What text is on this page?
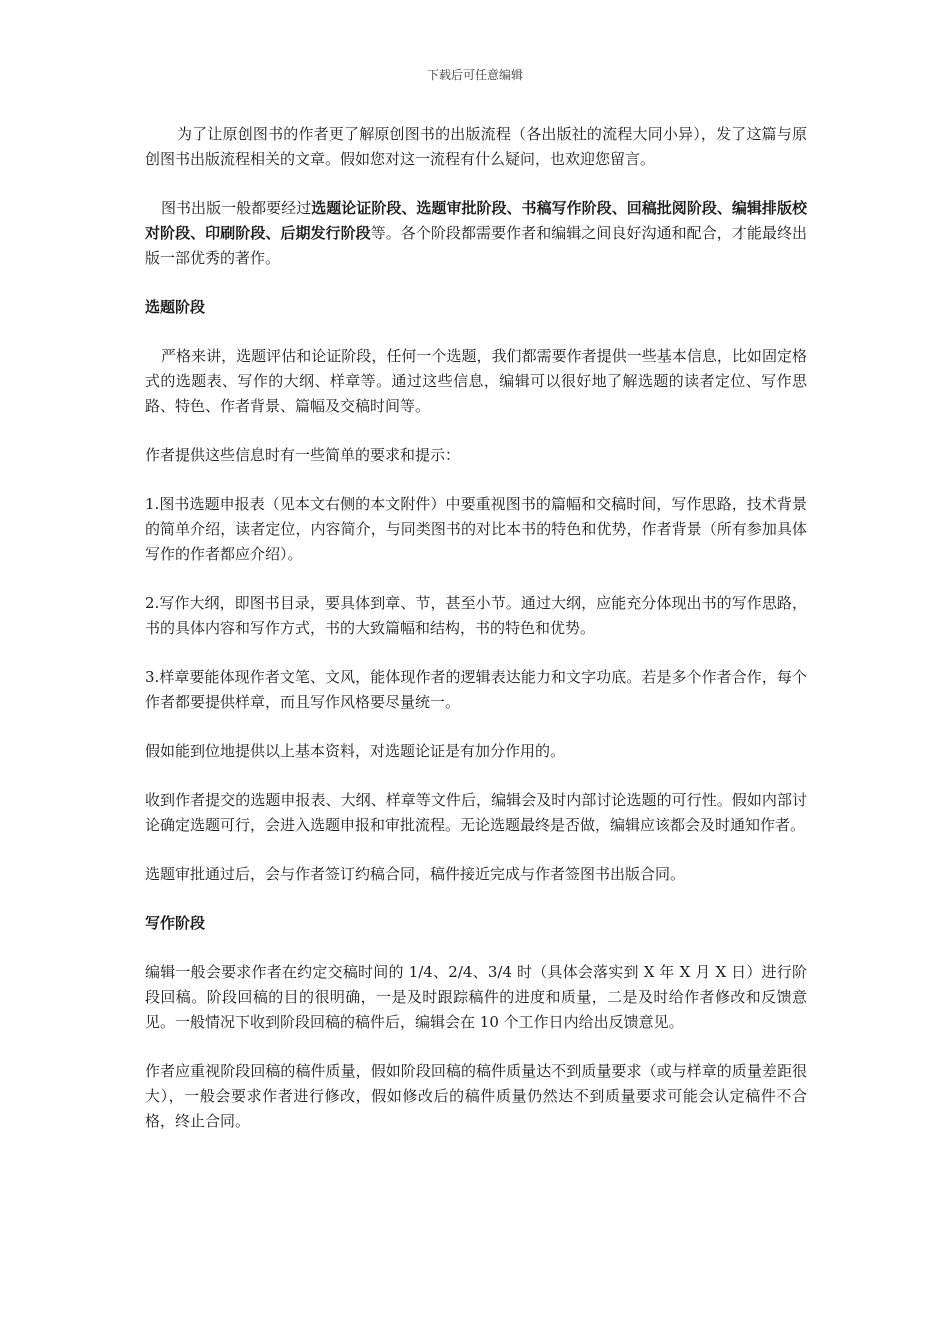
下载后可任意编辑

为了让原创图书的作者更了解原创图书的出版流程（各出版社的流程大同小异），发了这篇与原创图书出版流程相关的文章。假如您对这一流程有什么疑问，也欢迎您留言。

图书出版一般都要经过选题论证阶段、选题审批阶段、书稿写作阶段、回稿批阅阶段、编辑排版校对阶段、印刷阶段、后期发行阶段等。各个阶段都需要作者和编辑之间良好沟通和配合，才能最终出版一部优秀的著作。

选题阶段

严格来讲，选题评估和论证阶段，任何一个选题，我们都需要作者提供一些基本信息，比如固定格式的选题表、写作的大纲、样章等。通过这些信息，编辑可以很好地了解选题的读者定位、写作思路、特色、作者背景、篇幅及交稿时间等。

作者提供这些信息时有一些简单的要求和提示：

1.图书选题申报表（见本文右侧的本文附件）中要重视图书的篇幅和交稿时间，写作思路，技术背景的简单介绍，读者定位，内容简介，与同类图书的对比本书的特色和优势，作者背景（所有参加具体写作的作者都应介绍）。

2.写作大纲，即图书目录，要具体到章、节，甚至小节。通过大纲，应能充分体现出书的写作思路，书的具体内容和写作方式，书的大致篇幅和结构，书的特色和优势。

3.样章要能体现作者文笔、文风，能体现作者的逻辑表达能力和文字功底。若是多个作者合作，每个作者都要提供样章，而且写作风格要尽量统一。

假如能到位地提供以上基本资料，对选题论证是有加分作用的。

收到作者提交的选题申报表、大纲、样章等文件后，编辑会及时内部讨论选题的可行性。假如内部讨论确定选题可行，会进入选题申报和审批流程。无论选题最终是否做，编辑应该都会及时通知作者。

选题审批通过后，会与作者签订约稿合同，稿件接近完成与作者签图书出版合同。

写作阶段

编辑一般会要求作者在约定交稿时间的 1/4、2/4、3/4 时（具体会落实到 X 年 X 月 X 日）进行阶段回稿。阶段回稿的目的很明确，一是及时跟踪稿件的进度和质量，二是及时给作者修改和反馈意见。一般情况下收到阶段回稿的稿件后，编辑会在 10 个工作日内给出反馈意见。

作者应重视阶段回稿的稿件质量，假如阶段回稿的稿件质量达不到质量要求（或与样章的质量差距很大），一般会要求作者进行修改，假如修改后的稿件质量仍然达不到质量要求可能会认定稿件不合格，终止合同。
